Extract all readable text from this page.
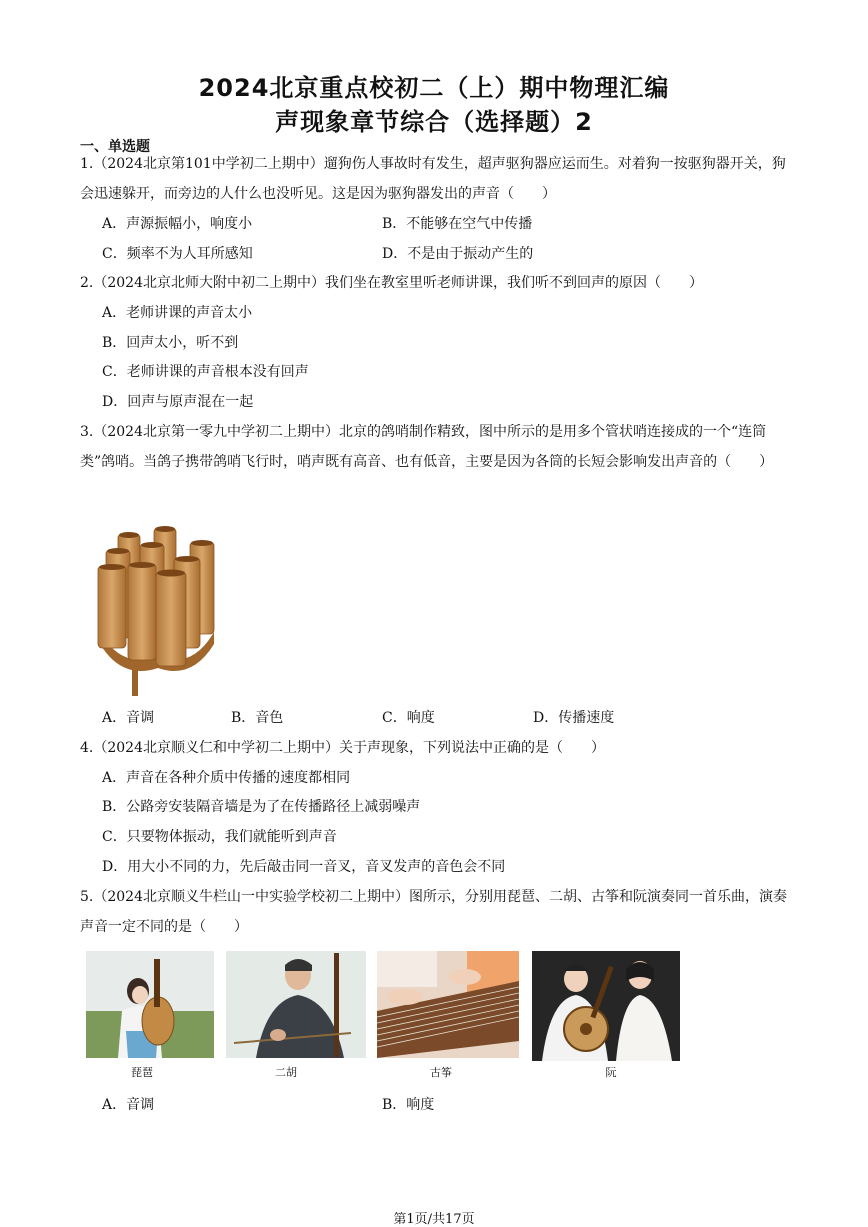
2024北京重点校初二（上）期中物理汇编
声现象章节综合（选择题）2
一、单选题
1.（2024北京第101中学初二上期中）遛狗伤人事故时有发生，超声驱狗器应运而生。对着狗一按驱狗器开关，狗会迅速躲开，而旁边的人什么也没听见。这是因为驱狗器发出的声音（　　）
A．声源振幅小，响度小	B．不能够在空气中传播
C．频率不为人耳所感知	D．不是由于振动产生的
2.（2024北京北师大附中初二上期中）我们坐在教室里听老师讲课，我们听不到回声的原因（　　）
A．老师讲课的声音太小
B．回声太小，听不到
C．老师讲课的声音根本没有回声
D．回声与原声混在一起
3.（2024北京第一零九中学初二上期中）北京的鸽哨制作精致，图中所示的是用多个管状哨连接成的一个“连筒类”鸽哨。当鸽子携带鸽哨飞行时，哨声既有高音、也有低音，主要是因为各筒的长短会影响发出声音的（　　）
A．音调	B．音色	C．响度	D．传播速度
4.（2024北京顺义仁和中学初二上期中）关于声现象，下列说法中正确的是（　　）
A．声音在各种介质中传播的速度都相同
B．公路旁安装隔音墙是为了在传播路径上减弱噪声
C．只要物体振动，我们就能听到声音
D．用大小不同的力，先后敲击同一音叉，音叉发声的音色会不同
5.（2024北京顺义牛栏山一中实验学校初二上期中）图所示，分别用琵琶、二胡、古筝和阮演奏同一首乐曲，演奏声音一定不同的是（　　）
琵琶	二胡	古筝	阮
A．音调	B．响度
第1页/共17页
